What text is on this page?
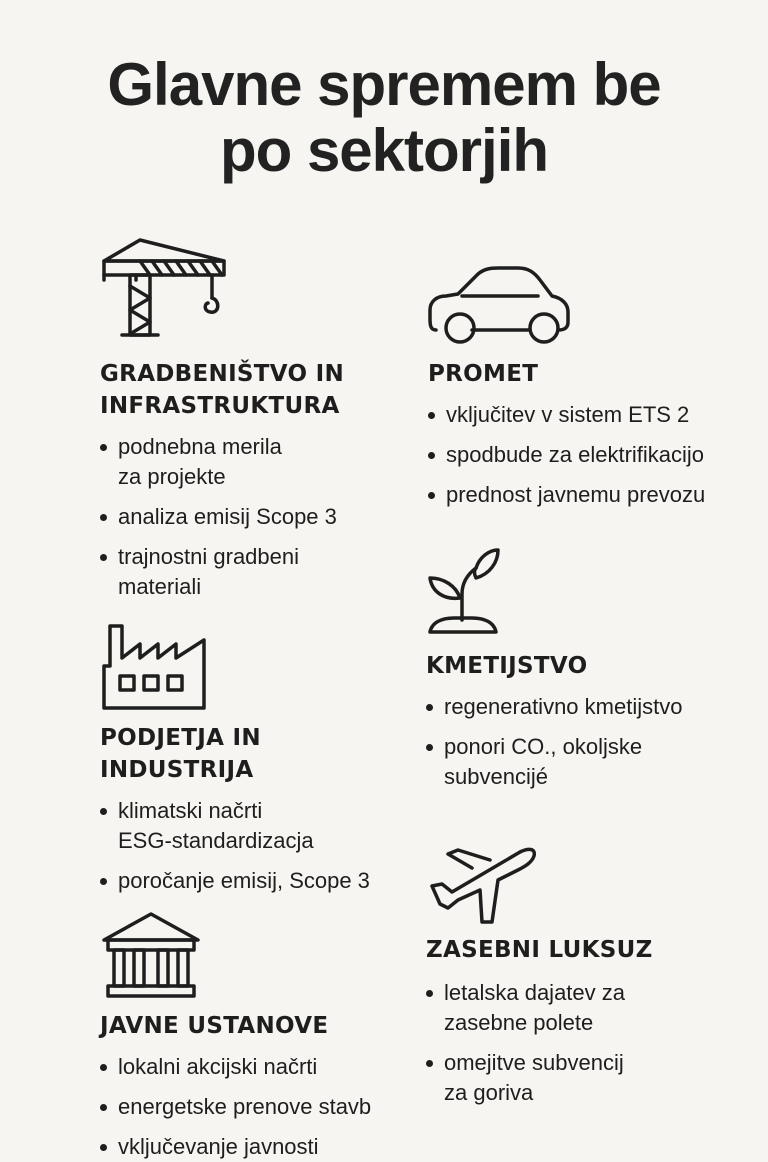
Glavne spremem be
po sektorjih
GRADBENIŠTVO IN
INFRASTRUKTURA
podnebna merila
za projekte
analiza emisij Scope 3
trajnostni gradbeni
materiali
PROMET
vključitev v sistem ETS 2
spodbude za elektrifikacijo
prednost javnemu prevozu
KMETIJSTVO
regenerativno kmetijstvo
ponori CO., okoljske
subvencijé
PODJETJA IN
INDUSTRIJA
klimatski načrti
ESG-standardizacja
poročanje emisij, Scope 3
ZASEBNI LUKSUZ
letalska dajatev za
zasebne polete
omejitve subvencij
za goriva
JAVNE USTANOVE
lokalni akcijski načrti
energetske prenove stavb
vključevanje javnosti
